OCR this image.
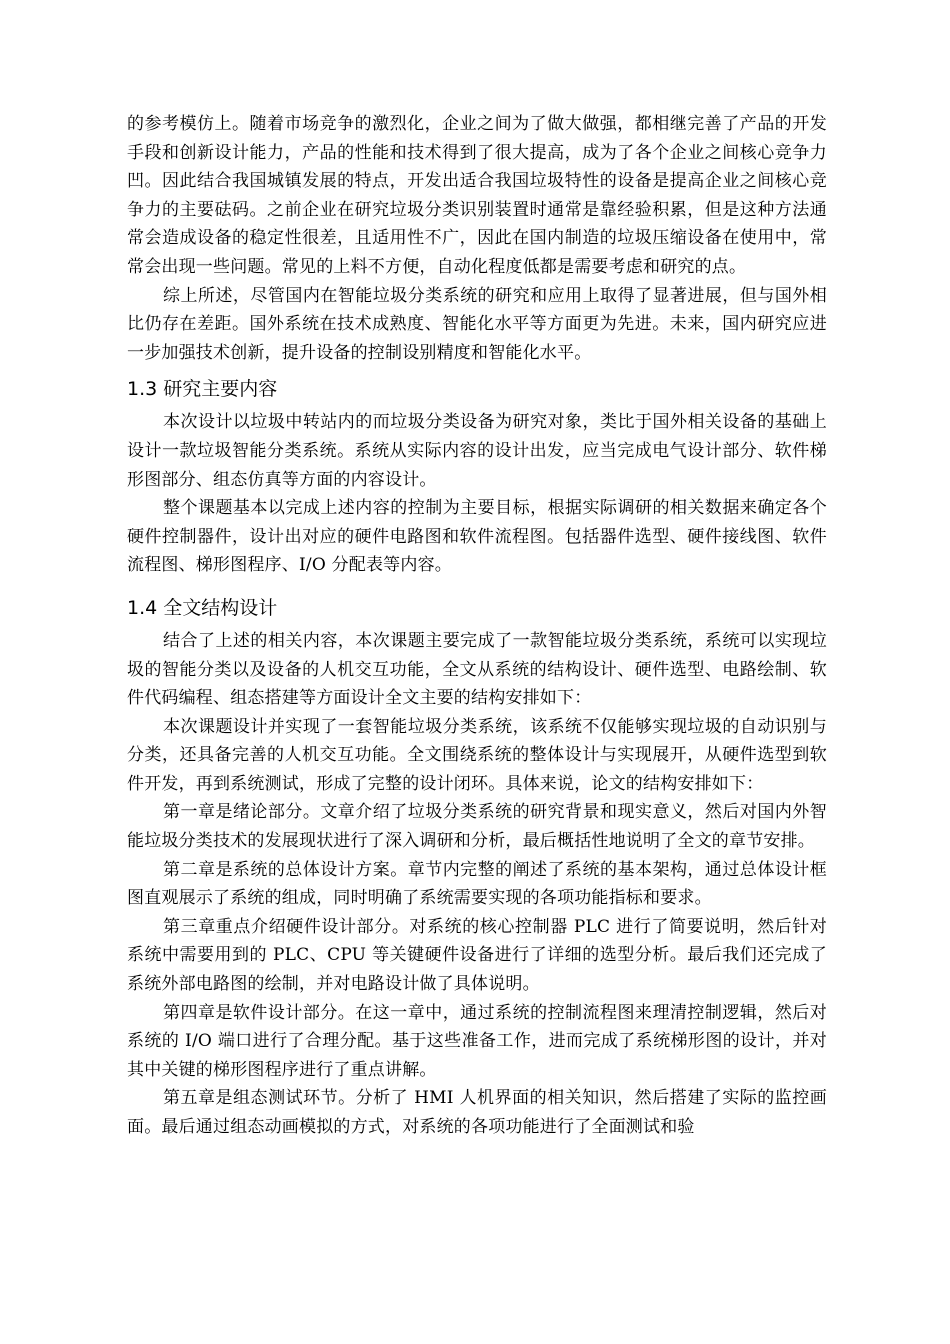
的参考模仿上。随着市场竞争的激烈化，企业之间为了做大做强，都相继完善了产品的开发手段和创新设计能力，产品的性能和技术得到了很大提高，成为了各个企业之间核心竞争力凹。因此结合我国城镇发展的特点，开发出适合我国垃圾特性的设备是提高企业之间核心竞争力的主要砝码。之前企业在研究垃圾分类识别装置时通常是靠经验积累，但是这种方法通常会造成设备的稳定性很差，且适用性不广，因此在国内制造的垃圾压缩设备在使用中，常常会出现一些问题。常见的上料不方便，自动化程度低都是需要考虑和研究的点。

综上所述，尽管国内在智能垃圾分类系统的研究和应用上取得了显著进展，但与国外相比仍存在差距。国外系统在技术成熟度、智能化水平等方面更为先进。未来，国内研究应进一步加强技术创新，提升设备的控制设别精度和智能化水平。

1.3 研究主要内容

本次设计以垃圾中转站内的而垃圾分类设备为研究对象，类比于国外相关设备的基础上设计一款垃圾智能分类系统。系统从实际内容的设计出发，应当完成电气设计部分、软件梯形图部分、组态仿真等方面的内容设计。

整个课题基本以完成上述内容的控制为主要目标，根据实际调研的相关数据来确定各个硬件控制器件，设计出对应的硬件电路图和软件流程图。包括器件选型、硬件接线图、软件流程图、梯形图程序、I/O 分配表等内容。

1.4 全文结构设计

结合了上述的相关内容，本次课题主要完成了一款智能垃圾分类系统，系统可以实现垃圾的智能分类以及设备的人机交互功能，全文从系统的结构设计、硬件选型、电路绘制、软件代码编程、组态搭建等方面设计全文主要的结构安排如下：

本次课题设计并实现了一套智能垃圾分类系统，该系统不仅能够实现垃圾的自动识别与分类，还具备完善的人机交互功能。全文围绕系统的整体设计与实现展开，从硬件选型到软件开发，再到系统测试，形成了完整的设计闭环。具体来说，论文的结构安排如下：

第一章是绪论部分。文章介绍了垃圾分类系统的研究背景和现实意义，然后对国内外智能垃圾分类技术的发展现状进行了深入调研和分析，最后概括性地说明了全文的章节安排。

第二章是系统的总体设计方案。章节内完整的阐述了系统的基本架构，通过总体设计框图直观展示了系统的组成，同时明确了系统需要实现的各项功能指标和要求。

第三章重点介绍硬件设计部分。对系统的核心控制器 PLC 进行了简要说明，然后针对系统中需要用到的 PLC、CPU 等关键硬件设备进行了详细的选型分析。最后我们还完成了系统外部电路图的绘制，并对电路设计做了具体说明。

第四章是软件设计部分。在这一章中，通过系统的控制流程图来理清控制逻辑，然后对系统的 I/O 端口进行了合理分配。基于这些准备工作，进而完成了系统梯形图的设计，并对其中关键的梯形图程序进行了重点讲解。

第五章是组态测试环节。分析了 HMI 人机界面的相关知识，然后搭建了实际的监控画面。最后通过组态动画模拟的方式，对系统的各项功能进行了全面测试和验
